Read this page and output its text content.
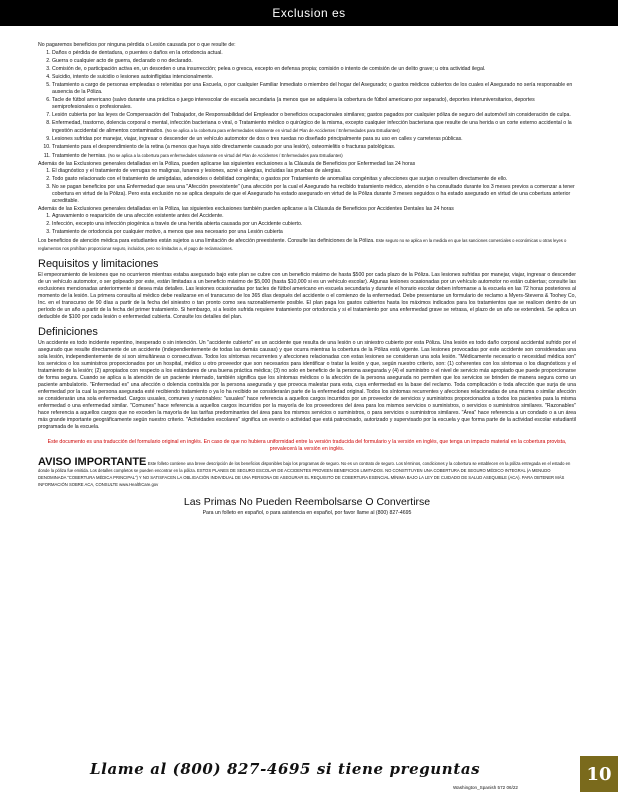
Exclusion es

No pagaremos beneficios por ninguna pérdida o Lesión causada por o que resulte de:

1. Daños o pérdida de dentadura, o puentes o daños en la ortodoncia actual.
2. Guerra o cualquier acto de guerra, declarado o no declarado.
3. Comisión de, o participación activa en, un desorden o una insurrección; pelea o gresca, excepto en defensa propia; comisión o intento de comisión de un delito grave; u otra actividad ilegal.
4. Suicidio, intento de suicidio o lesiones autoinfligidas intencionalmente.
5. Tratamiento a cargo de personas empleadas o retenidas por una Escuela, o por cualquier Familiar Inmediato o miembro del hogar del Asegurado; o gastos médicos cubiertos de los cuales el Asegurado no sería responsable en ausencia de la Póliza.
6. Tacle de fútbol americano (salvo durante una práctica o juego interescolar de escuela secundaria (a menos que se adquiera la cobertura de fútbol americano por separado), deportes interuniversitarios, deportes semiprofesionales o profesionales.
7. Lesión cubierta por las leyes de Compensación del Trabajador, de Responsabilidad del Empleador o beneficios ocupacionales similares; gastos pagados por cualquier póliza de seguro del automóvil sin consideración de culpa.
8. Enfermedad, trastorno, dolencia corporal o mental, infección bacteriana o viral, o Tratamiento médico o quirúrgico de la misma, excepto cualquier infección bacteriana que resulte de una herida o un corte externo accidental o la ingestión accidental de alimentos contaminados. (No se aplica a la cobertura para enfermedades solamente en virtud del Plan de Accidentes / Enfermedades para Estudiantes)
9. Lesiones sufridas por manejar, viajar, ingresar o descender de un vehículo automotor de dos o tres ruedas no diseñado principalmente para su uso en calles y carreteras públicas.
10. Tratamiento para el desprendimiento de la retina (a menos que haya sido directamente causado por una lesión), osteomielitis o fracturas patológicas.
11. Tratamiento de hernias. (No se aplica a la cobertura para enfermedades solamente en virtud del Plan de Accidentes / Enfermedades para Estudiantes)

Además de las Exclusiones generales detalladas en la Póliza, pueden aplicarse las siguientes exclusiones a la Cláusula de Beneficios por Enfermedad las 24 horas

1. El diagnóstico y el tratamiento de verrugas no malignas, lunares y lesiones, acné o alergias, incluidas las pruebas de alergias.
2. Todo gasto relacionado con el tratamiento de amígdalas, adenoides o debilidad congénita; o gastos por Tratamiento de anomalías congénitas y afecciones que surjan o resulten directamente de ello.
3. No se pagan beneficios por una Enfermedad que sea una "Afección preexistente" (una afección por la cual el Asegurado ha recibido tratamiento médico, atención o ha consultado durante los 3 meses previos a comenzar a tener cobertura en virtud de la Póliza). Pero esta exclusión no se aplica después de que el Asegurado ha estado asegurado en virtud de la Póliza durante 3 meses seguidos o ha estado asegurado en virtud de una cobertura anterior acreditable.

Además de las Exclusiones generales detalladas en la Póliza, las siguientes exclusiones también pueden aplicarse a la Cláusula de Beneficios por Accidentes Dentales las 24 horas

1. Agravamiento o reaparición de una afección existente antes del Accidente.
2. Infección, excepto una infección piogénica a través de una herida abierta causada por un Accidente cubierto.
3. Tratamiento de ortodoncia por cualquier motivo, a menos que sea necesario por una Lesión cubierta

Los beneficios de atención médica para estudiantes están sujetos a una limitación de afección preexistente. Consulte las definiciones de la Póliza. Este seguro no se aplica en la medida en que las sanciones comerciales o económicas u otras leyes o reglamentos nos prohíban proporcionar seguro, incluidos, pero no limitados a, el pago de reclamaciones.

Requisitos y limitaciones

El empeoramiento de lesiones que no ocurrieron mientras estaba asegurado bajo este plan se cubre con un beneficio máximo de hasta $500 por cada plazo de la Póliza. Las lesiones sufridas por manejar, viajar, ingresar o descender de un vehículo automotor, o ser golpeado por este, están limitadas a un beneficio máximo de $5,000 (hasta $10,000 si es un vehículo escolar). Algunas lesiones ocasionadas por un vehículo automotor no están cubiertas; consulte las exclusiones mencionadas anteriormente si desea más detalles. Las lesiones ocasionadas por tacles de fútbol americano en escuela secundaria y durante el horario escolar deben informarse a la escuela en las 72 horas posteriores al momento de la lesión. La primera consulta al médico debe realizarse en el transcurso de los 365 días después del accidente o el comienzo de la enfermedad. Debe presentarse un formulario de reclamo a Myers-Stevens & Toohey Co, Inc. en el transcurso de 90 días a partir de la fecha del siniestro o tan pronto como sea razonablemente posible. El plan paga los gastos cubiertos hasta los máximos indicados para los tratamientos que se realicen dentro de un período de un año a partir de la fecha del primer tratamiento. Si hembargo, si a lesión sufrida requiere tratamiento por ortodoncia y si el tratamiento por una enfermedad grave se retrasa, el plazo de un año se extenderá. Se aplica un deducible de $100 por cada lesión o enfermedad cubierta. Consulte los detalles del plan.

Definiciones

Un accidente es todo incidente repentino, inesperado o sin intención. Un "accidente cubierto" es un accidente que resulta de una lesión o un siniestro cubierto por esta Póliza. Una lesión es todo daño corporal accidental sufrido por el asegurado que resulte directamente de un accidente (independientemente de todas las demás causas) y que ocurra mientras la cobertura de la Póliza está vigente. Las lesiones provocadas por este accidente son consideradas una sola lesión, independientemente de si son simultáneas o consecutivas. Todos los síntomas recurrentes y afecciones relacionadas con estas lesiones se consideran una sola lesión. "Médicamente necesario o necesidad médica son" los servicios o los suministros proporcionados por un hospital, médico u otro proveedor que son necesarios para identificar o tratar la lesión y que, según nuestro criterio, son: (1) coherentes con los síntomas o los diagnósticos y el tratamiento de la lesión; (2) apropiados con respecto a los estándares de una buena práctica médica; (3) no solo en beneficio de la persona asegurada y (4) el suministro o el nivel de servicio más apropiado que puede proporcionarse de forma segura. Cuando se aplica a la atención de un paciente internado, también significa que los síntomas médicos o la afección de la persona asegurada no permiten que los servicios se brinden de manera segura como un paciente ambulatorio. "Enfermedad es" una afección o dolencia contraída por la persona asegurada y que provoca malestar para esta, cuya enfermedad es la base del reclamo. Toda complicación o toda afección que surja de una enfermedad por la cual la persona asegurada esté recibiendo tratamiento o ya lo ha recibido se considerarán parte de la enfermedad original. Todos los síntomas recurrentes y afecciones relacionadas de una misma o similar afección se considerarán una sola enfermedad. Cargos usuales, comunes y razonables: "usuales" hace referencia a aquellos cargos incurridos por un proveedor de servicios y suministros proporcionados a todos los pacientes para la misma enfermedad o una enfermedad similar. "Comunes" hace referencia a aquellos cargos incurridos por la mayoría de los proveedores del área para los mismos servicios o suministros, o servicios o suministros similares. "Razonables" hace referencia a aquellos cargos que no exceden la mayoría de las tarifas predominantes del área para los mismos servicios o suministros, o para servicios o suministros similares. "Área" hace referencia a un condado o a un área más grande importante geográficamente según nuestro criterio. "Actividades escolares" significa un evento o actividad que está patrocinado, autorizado y supervisado por la escuela y que forma parte de la actividad escolar estudiantil programada de la escuela.

Este documento es una traducción del formulario original en inglés. En caso de que no hubiera uniformidad entre la versión traducida del formulario y la versión en inglés, que tenga un impacto material en la cobertura provista, prevalecerá la versión en inglés.

AVISO IMPORTANTE Este folleto contiene una breve descripción de los beneficios disponibles bajo los programas de seguro. No es un contrato de seguro. Los términos, condiciones y la cobertura se establecen en la póliza entregada en el estado en donde la póliza fue emitida. Los detalles completos se pueden encontrar en la póliza. ESTOS PLANES DE SEGURO ESCOLAR DE ACCIDENTES PROVEEN BENEFICIOS LIMITADOS. NO CONSTITUYEN UNA COBERTURA DE SEGURO MÉDICO INTEGRAL (A MENUDO DENOMINADA "COBERTURA MÉDICA PRINCIPAL") Y NO SATISFACEN LA OBLIGACIÓN INDIVIDUAL DE UNA PERSONA DE ASEGURAR EL REQUISITO DE COBERTURA ESENCIAL MÍNIMA BAJO LA LEY DE CUIDADO DE SALUD ASEQUIBLE (ACA). PARA OBTENER MÁS INFORMACIÓN SOBRE ACA, CONSULTE www.HealthCare.gov
Las Primas No Pueden Reembolsarse O Convertirse
Para un folleto en español, o para asistencia en español, por favor llame al (800) 827-4695
Llame al (800) 827-4695 si tiene preguntas
Washington_Spanish 572 06/22
10
